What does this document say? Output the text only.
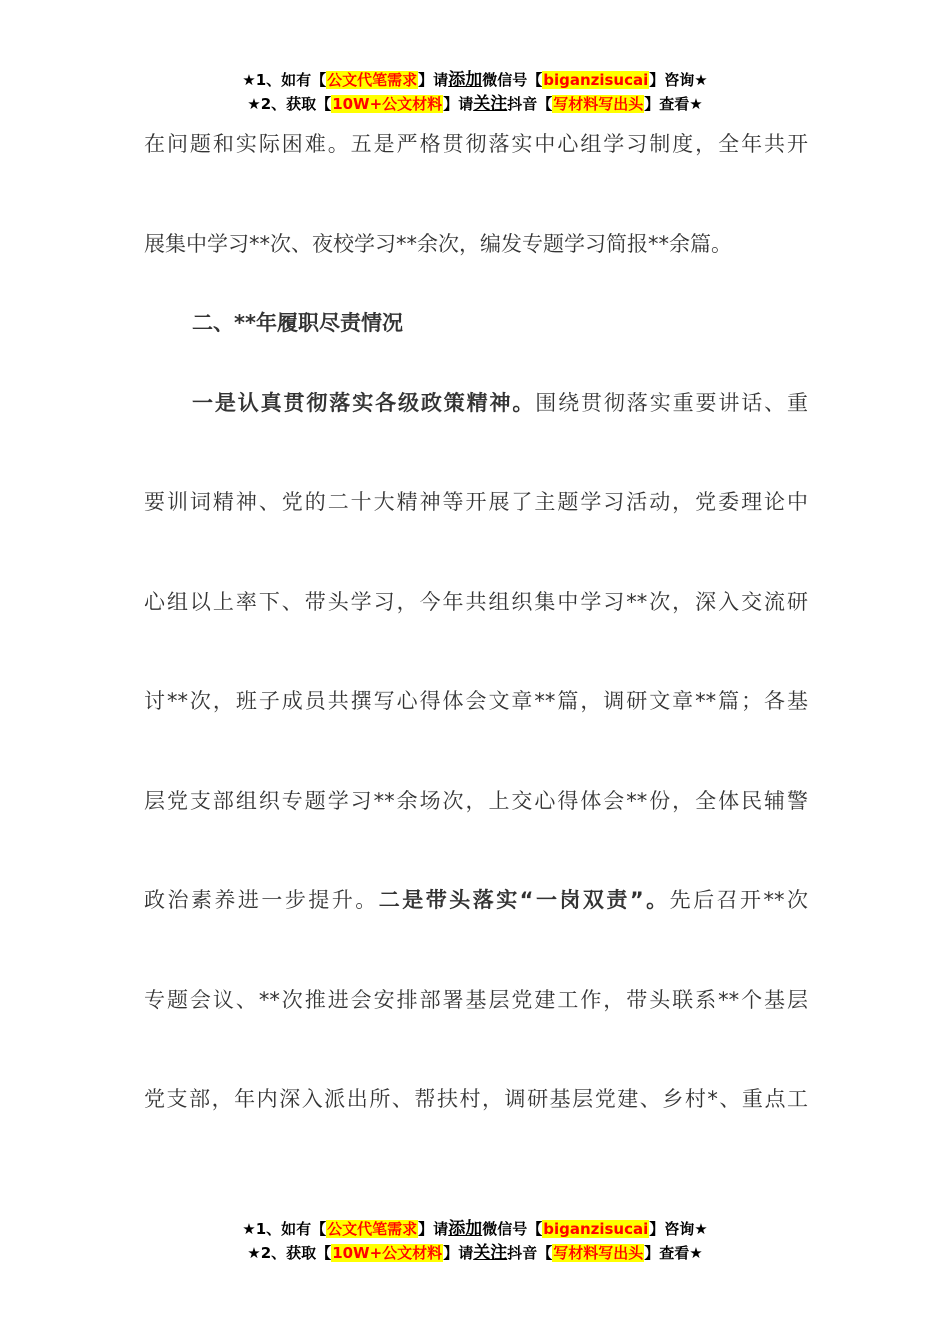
★1、如有【公文代笔需求】请添加微信号【biganzisucai】咨询★
★2、获取【10W+公文材料】请关注抖音【写材料写出头】查看★
在问题和实际困难。五是严格贯彻落实中心组学习制度，全年共开
展集中学习**次、夜校学习**余次，编发专题学习简报**余篇。
二、**年履职尽责情况
一是认真贯彻落实各级政策精神。围绕贯彻落实重要讲话、重
要训词精神、党的二十大精神等开展了主题学习活动，党委理论中
心组以上率下、带头学习，今年共组织集中学习**次，深入交流研
讨**次，班子成员共撰写心得体会文章**篇，调研文章**篇；各基
层党支部组织专题学习**余场次，上交心得体会**份，全体民辅警
政治素养进一步提升。二是带头落实“一岗双责”。先后召开**次
专题会议、**次推进会安排部署基层党建工作，带头联系**个基层
党支部，年内深入派出所、帮扶村，调研基层党建、乡村*、重点工
★1、如有【公文代笔需求】请添加微信号【biganzisucai】咨询★
★2、获取【10W+公文材料】请关注抖音【写材料写出头】查看★
